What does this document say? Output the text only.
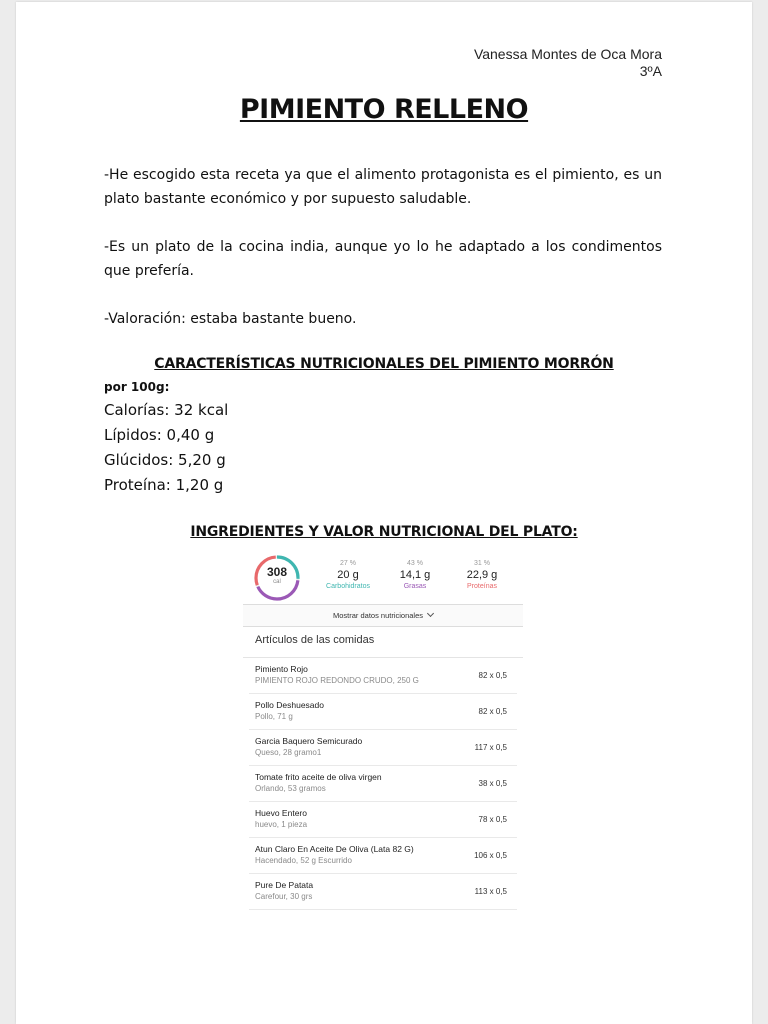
Vanessa Montes de Oca Mora
3ºA
PIMIENTO RELLENO
-He escogido esta receta ya que el alimento protagonista es el pimiento, es un plato bastante económico y por supuesto saludable.
-Es un plato de la cocina india, aunque yo lo he adaptado a los condimentos que prefería.
-Valoración: estaba bastante bueno.
CARACTERÍSTICAS NUTRICIONALES DEL PIMIENTO MORRÓN
por 100g:
Calorías: 32 kcal
Lípidos: 0,40 g
Glúcidos: 5,20 g
Proteína: 1,20 g
INGREDIENTES Y VALOR NUTRICIONAL DEL PLATO:
308
cal
27 %
20 g
Carbohidratos
43 %
14,1 g
Grasas
31 %
22,9 g
Proteínas
Mostrar datos nutricionales
Artículos de las comidas
Pimiento Rojo
PIMIENTO ROJO REDONDO CRUDO, 250 G
82 x 0,5
Pollo Deshuesado
Pollo, 71 g
82 x 0,5
Garcia Baquero Semicurado
Queso, 28 gramo1
117 x 0,5
Tomate frito aceite de oliva virgen
Orlando, 53 gramos
38 x 0,5
Huevo Entero
huevo, 1 pieza
78 x 0,5
Atun Claro En Aceite De Oliva (Lata 82 G)
Hacendado, 52 g Escurrido
106 x 0,5
Pure De Patata
Carefour, 30 grs
113 x 0,5
